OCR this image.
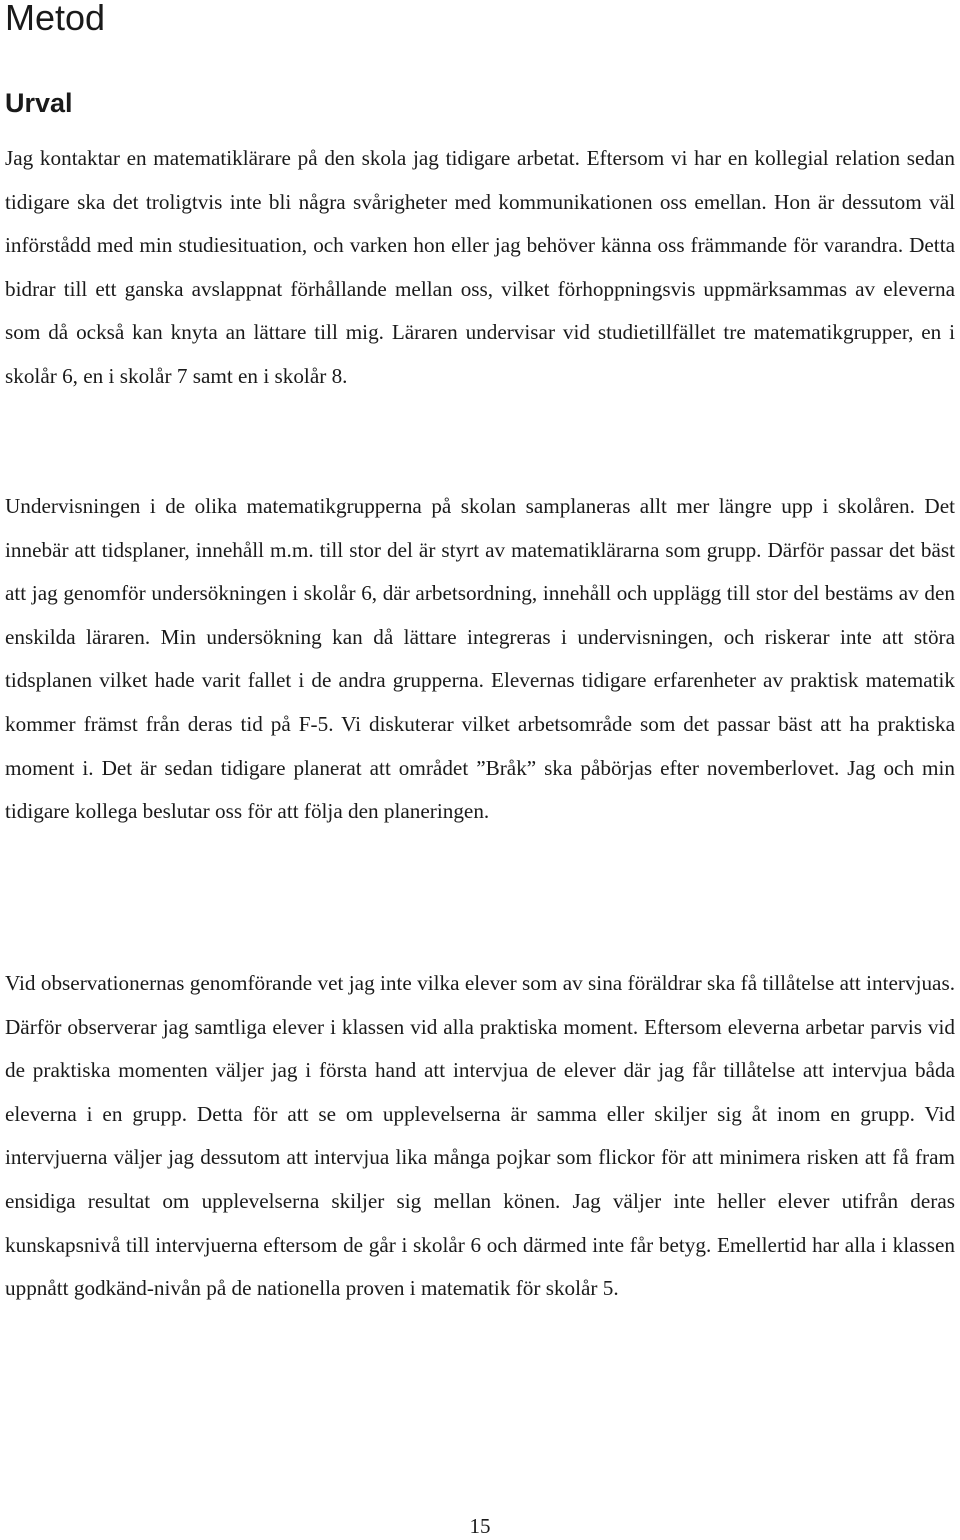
Metod
Urval

Jag kontaktar en matematiklärare på den skola jag tidigare arbetat. Eftersom vi har en kollegial relation sedan tidigare ska det troligtvis inte bli några svårigheter med kommunikationen oss emellan. Hon är dessutom väl införstådd med min studiesituation, och varken hon eller jag behöver känna oss främmande för varandra. Detta bidrar till ett ganska avslappnat förhållande mellan oss, vilket förhoppningsvis uppmärksammas av eleverna som då också kan knyta an lättare till mig. Läraren undervisar vid studietillfället tre matematikgrupper, en i skolår 6, en i skolår 7 samt en i skolår 8.

Undervisningen i de olika matematikgrupperna på skolan samplaneras allt mer längre upp i skolåren. Det innebär att tidsplaner, innehåll m.m. till stor del är styrt av matematiklärarna som grupp. Därför passar det bäst att jag genomför undersökningen i skolår 6, där arbetsordning, innehåll och upplägg till stor del bestäms av den enskilda läraren. Min undersökning kan då lättare integreras i undervisningen, och riskerar inte att störa tidsplanen vilket hade varit fallet i de andra grupperna. Elevernas tidigare erfarenheter av praktisk matematik kommer främst från deras tid på F-5. Vi diskuterar vilket arbetsområde som det passar bäst att ha praktiska moment i. Det är sedan tidigare planerat att området ”Bråk” ska påbörjas efter novemberlovet. Jag och min tidigare kollega beslutar oss för att följa den planeringen.

Vid observationernas genomförande vet jag inte vilka elever som av sina föräldrar ska få tillåtelse att intervjuas. Därför observerar jag samtliga elever i klassen vid alla praktiska moment. Eftersom eleverna arbetar parvis vid de praktiska momenten väljer jag i första hand att intervjua de elever där jag får tillåtelse att intervjua båda eleverna i en grupp. Detta för att se om upplevelserna är samma eller skiljer sig åt inom en grupp. Vid intervjuerna väljer jag dessutom att intervjua lika många pojkar som flickor för att minimera risken att få fram ensidiga resultat om upplevelserna skiljer sig mellan könen. Jag väljer inte heller elever utifrån deras kunskapsnivå till intervjuerna eftersom de går i skolår 6 och därmed inte får betyg. Emellertid har alla i klassen uppnått godkänd-nivån på de nationella proven i matematik för skolår 5.

15
